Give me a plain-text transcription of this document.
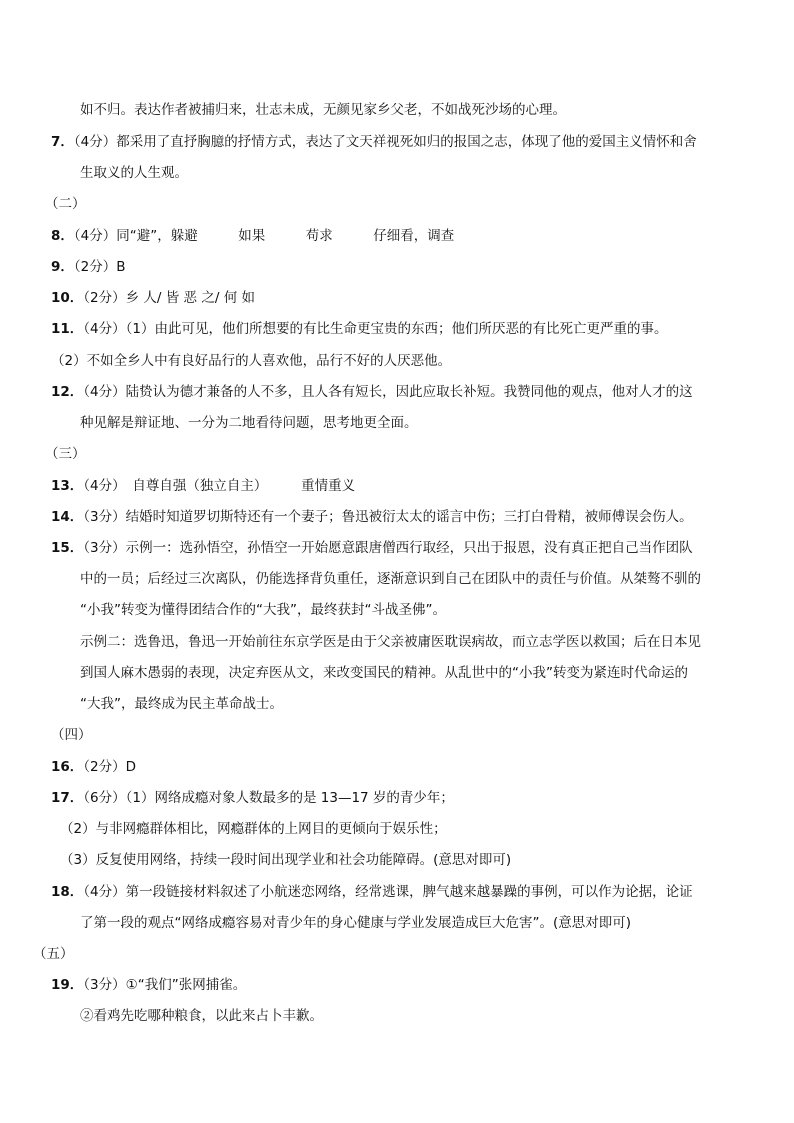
如不归。表达作者被捕归来，壮志未成，无颜见家乡父老，不如战死沙场的心理。
7．（4分）都采用了直抒胸臆的抒情方式，表达了文天祥视死如归的报国之志，体现了他的爱国主义情怀和舍
生取义的人生观。
（二）
8．（4分）同“避”，躲避　　　如果　　　苟求　　　仔细看，调查
9．（2分）B
10．（2分）乡 人/ 皆 恶 之/ 何 如
11．（4分）（1）由此可见，他们所想要的有比生命更宝贵的东西；他们所厌恶的有比死亡更严重的事。
（2）不如全乡人中有良好品行的人喜欢他，品行不好的人厌恶他。
12．（4分）陆贽认为德才兼备的人不多，且人各有短长，因此应取长补短。我赞同他的观点，他对人才的这
种见解是辩证地、一分为二地看待问题，思考地更全面。
（三）
13．（4分）　自尊自强（独立自主）　　　重情重义
14．（3分）结婚时知道罗切斯特还有一个妻子；鲁迅被衍太太的谣言中伤；三打白骨精，被师傅误会伤人。
15．（3分）示例一：选孙悟空，孙悟空一开始愿意跟唐僧西行取经，只出于报恩，没有真正把自己当作团队
中的一员；后经过三次离队，仍能选择背负重任，逐渐意识到自己在团队中的责任与价值。从桀骜不驯的
“小我”转变为懂得团结合作的“大我”，最终获封“斗战圣佛”。
示例二：选鲁迅，鲁迅一开始前往东京学医是由于父亲被庸医耽误病故，而立志学医以救国；后在日本见
到国人麻木愚弱的表现，决定弃医从文，来改变国民的精神。从乱世中的“小我”转变为紧连时代命运的
“大我”，最终成为民主革命战士。
（四）
16．（2分）D
17．（6分）（1）网络成瘾对象人数最多的是 13—17 岁的青少年；
（2）与非网瘾群体相比，网瘾群体的上网目的更倾向于娱乐性；
（3）反复使用网络，持续一段时间出现学业和社会功能障碍。(意思对即可)
18．（4分）第一段链接材料叙述了小航迷恋网络，经常逃课，脾气越来越暴躁的事例，可以作为论据，论证
了第一段的观点“网络成瘾容易对青少年的身心健康与学业发展造成巨大危害”。(意思对即可)
（五）
19．（3分）①“我们”张网捕雀。
②看鸡先吃哪种粮食，以此来占卜丰歉。
